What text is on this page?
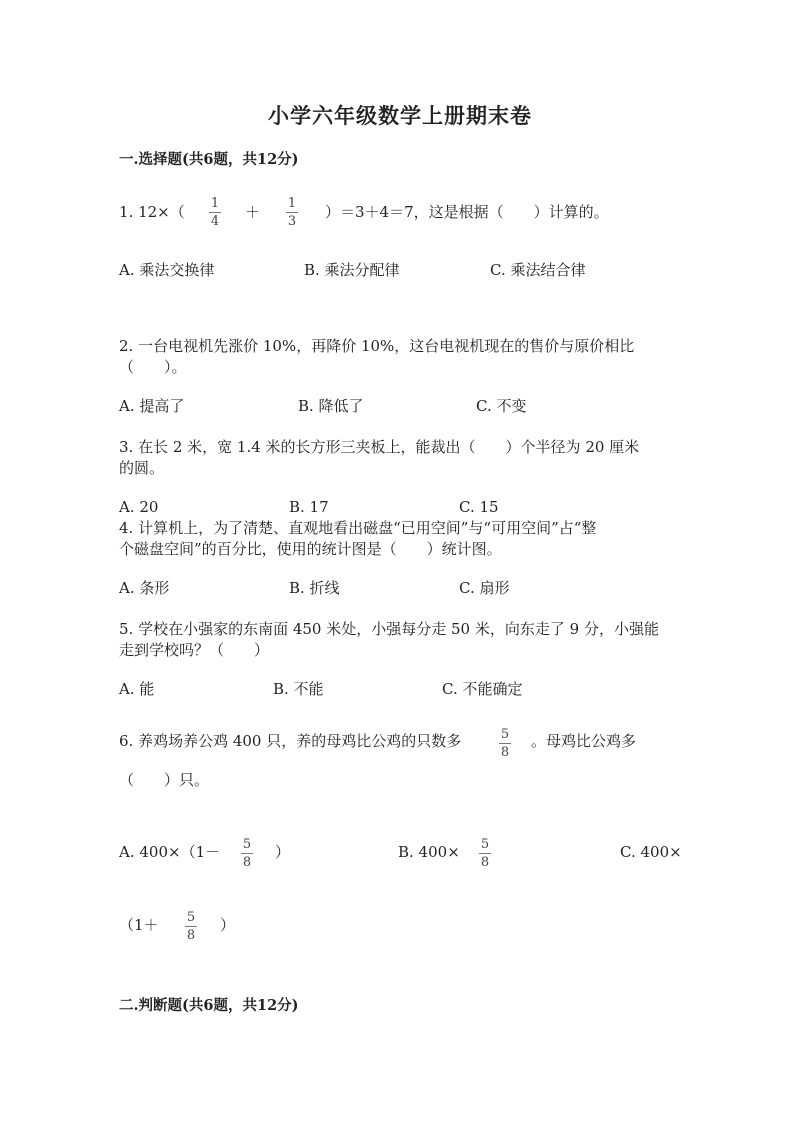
小学六年级数学上册期末卷
一.选择题(共6题，共12分)
1. 12×（ 1
4
＋ 1
3
）＝3＋4＝7，这是根据（　　）计算的。
A. 乘法交换律	B. 乘法分配律	C. 乘法结合律
2. 一台电视机先涨价 10%，再降价 10%，这台电视机现在的售价与原价相比
（　　）。
A. 提高了	B. 降低了	C. 不变
3. 在长 2 米，宽 1.4 米的长方形三夹板上，能裁出（　　）个半径为 20 厘米
的圆。
A. 20	B. 17	C. 15
4. 计算机上，为了清楚、直观地看出磁盘“已用空间”与“可用空间”占“整
个磁盘空间”的百分比，使用的统计图是（　　）统计图。
A. 条形	B. 折线	C. 扇形
5. 学校在小强家的东南面 450 米处，小强每分走 50 米，向东走了 9 分，小强能
走到学校吗？（　　）
A. 能	B. 不能	C. 不能确定
6. 养鸡场养公鸡 400 只，养的母鸡比公鸡的只数多	5
8
。母鸡比公鸡多
（　　）只。
A. 400×（1－ 5
8
）	B. 400× 5
8
C. 400×
（1＋ 5
8
）
二.判断题(共6题，共12分)
